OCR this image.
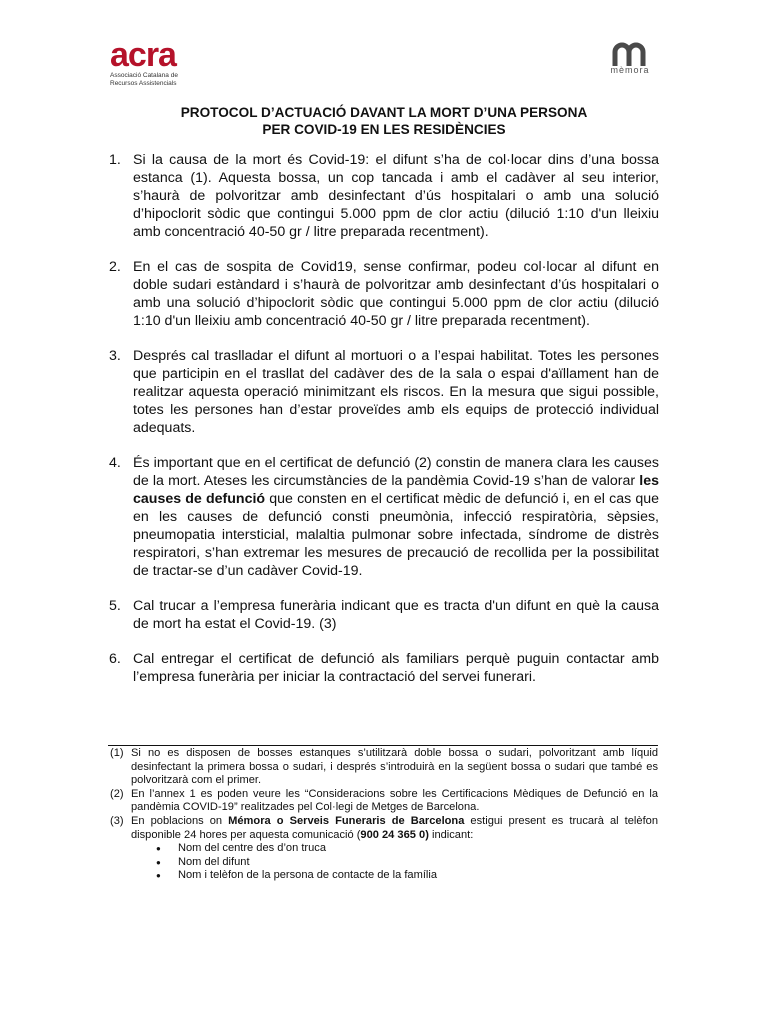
acra
Associació Catalana de Recursos Assistencials
mèmora
PROTOCOL D’ACTUACIÓ DAVANT LA MORT D’UNA PERSONA
PER COVID-19 EN LES RESIDÈNCIES
1. Si la causa de la mort és Covid-19: el difunt s’ha de col·locar dins d’una bossa estanca (1). Aquesta bossa, un cop tancada i amb el cadàver al seu interior, s’haurà de polvoritzar amb desinfectant d’ús hospitalari o amb una solució d’hipoclorit sòdic que contingui 5.000 ppm de clor actiu (dilució 1:10 d'un lleixiu amb concentració 40-50 gr / litre preparada recentment).
2. En el cas de sospita de Covid19, sense confirmar, podeu col·locar al difunt en doble sudari estàndard i s’haurà de polvoritzar amb desinfectant d’ús hospitalari o amb una solució d’hipoclorit sòdic que contingui 5.000 ppm de clor actiu (dilució 1:10 d'un lleixiu amb concentració 40-50 gr / litre preparada recentment).
3. Després cal traslladar el difunt al mortuori o a l’espai habilitat. Totes les persones que participin en el trasllat del cadàver des de la sala o espai d'aïllament han de realitzar aquesta operació minimitzant els riscos. En la mesura que sigui possible, totes les persones han d’estar proveïdes amb els equips de protecció individual adequats.
4. És important que en el certificat de defunció (2) constin de manera clara les causes de la mort. Ateses les circumstàncies de la pandèmia Covid-19 s’han de valorar les causes de defunció que consten en el certificat mèdic de defunció i, en el cas que en les causes de defunció consti pneumònia, infecció respiratòria, sèpsies, pneumopatia intersticial, malaltia pulmonar sobre infectada, síndrome de distrès respiratori, s’han extremar les mesures de precaució de recollida per la possibilitat de tractar-se d’un cadàver Covid-19.
5. Cal trucar a l’empresa funerària indicant que es tracta d'un difunt en què la causa de mort ha estat el Covid-19. (3)
6. Cal entregar el certificat de defunció als familiars perquè puguin contactar amb l’empresa funerària per iniciar la contractació del servei funerari.
(1) Si no es disposen de bosses estanques s’utilitzarà doble bossa o sudari, polvoritzant amb líquid desinfectant la primera bossa o sudari, i després s’introduirà en la següent bossa o sudari que també es polvoritzarà com el primer.
(2) En l’annex 1 es poden veure les “Consideracions sobre les Certificacions Mèdiques de Defunció en la pandèmia COVID-19” realitzades pel Col·legi de Metges de Barcelona.
(3) En poblacions on Mémora o Serveis Funeraris de Barcelona estigui present es trucarà al telèfon disponible 24 hores per aquesta comunicació (900 24 365 0) indicant:
● Nom del centre des d’on truca
● Nom del difunt
● Nom i telèfon de la persona de contacte de la família
